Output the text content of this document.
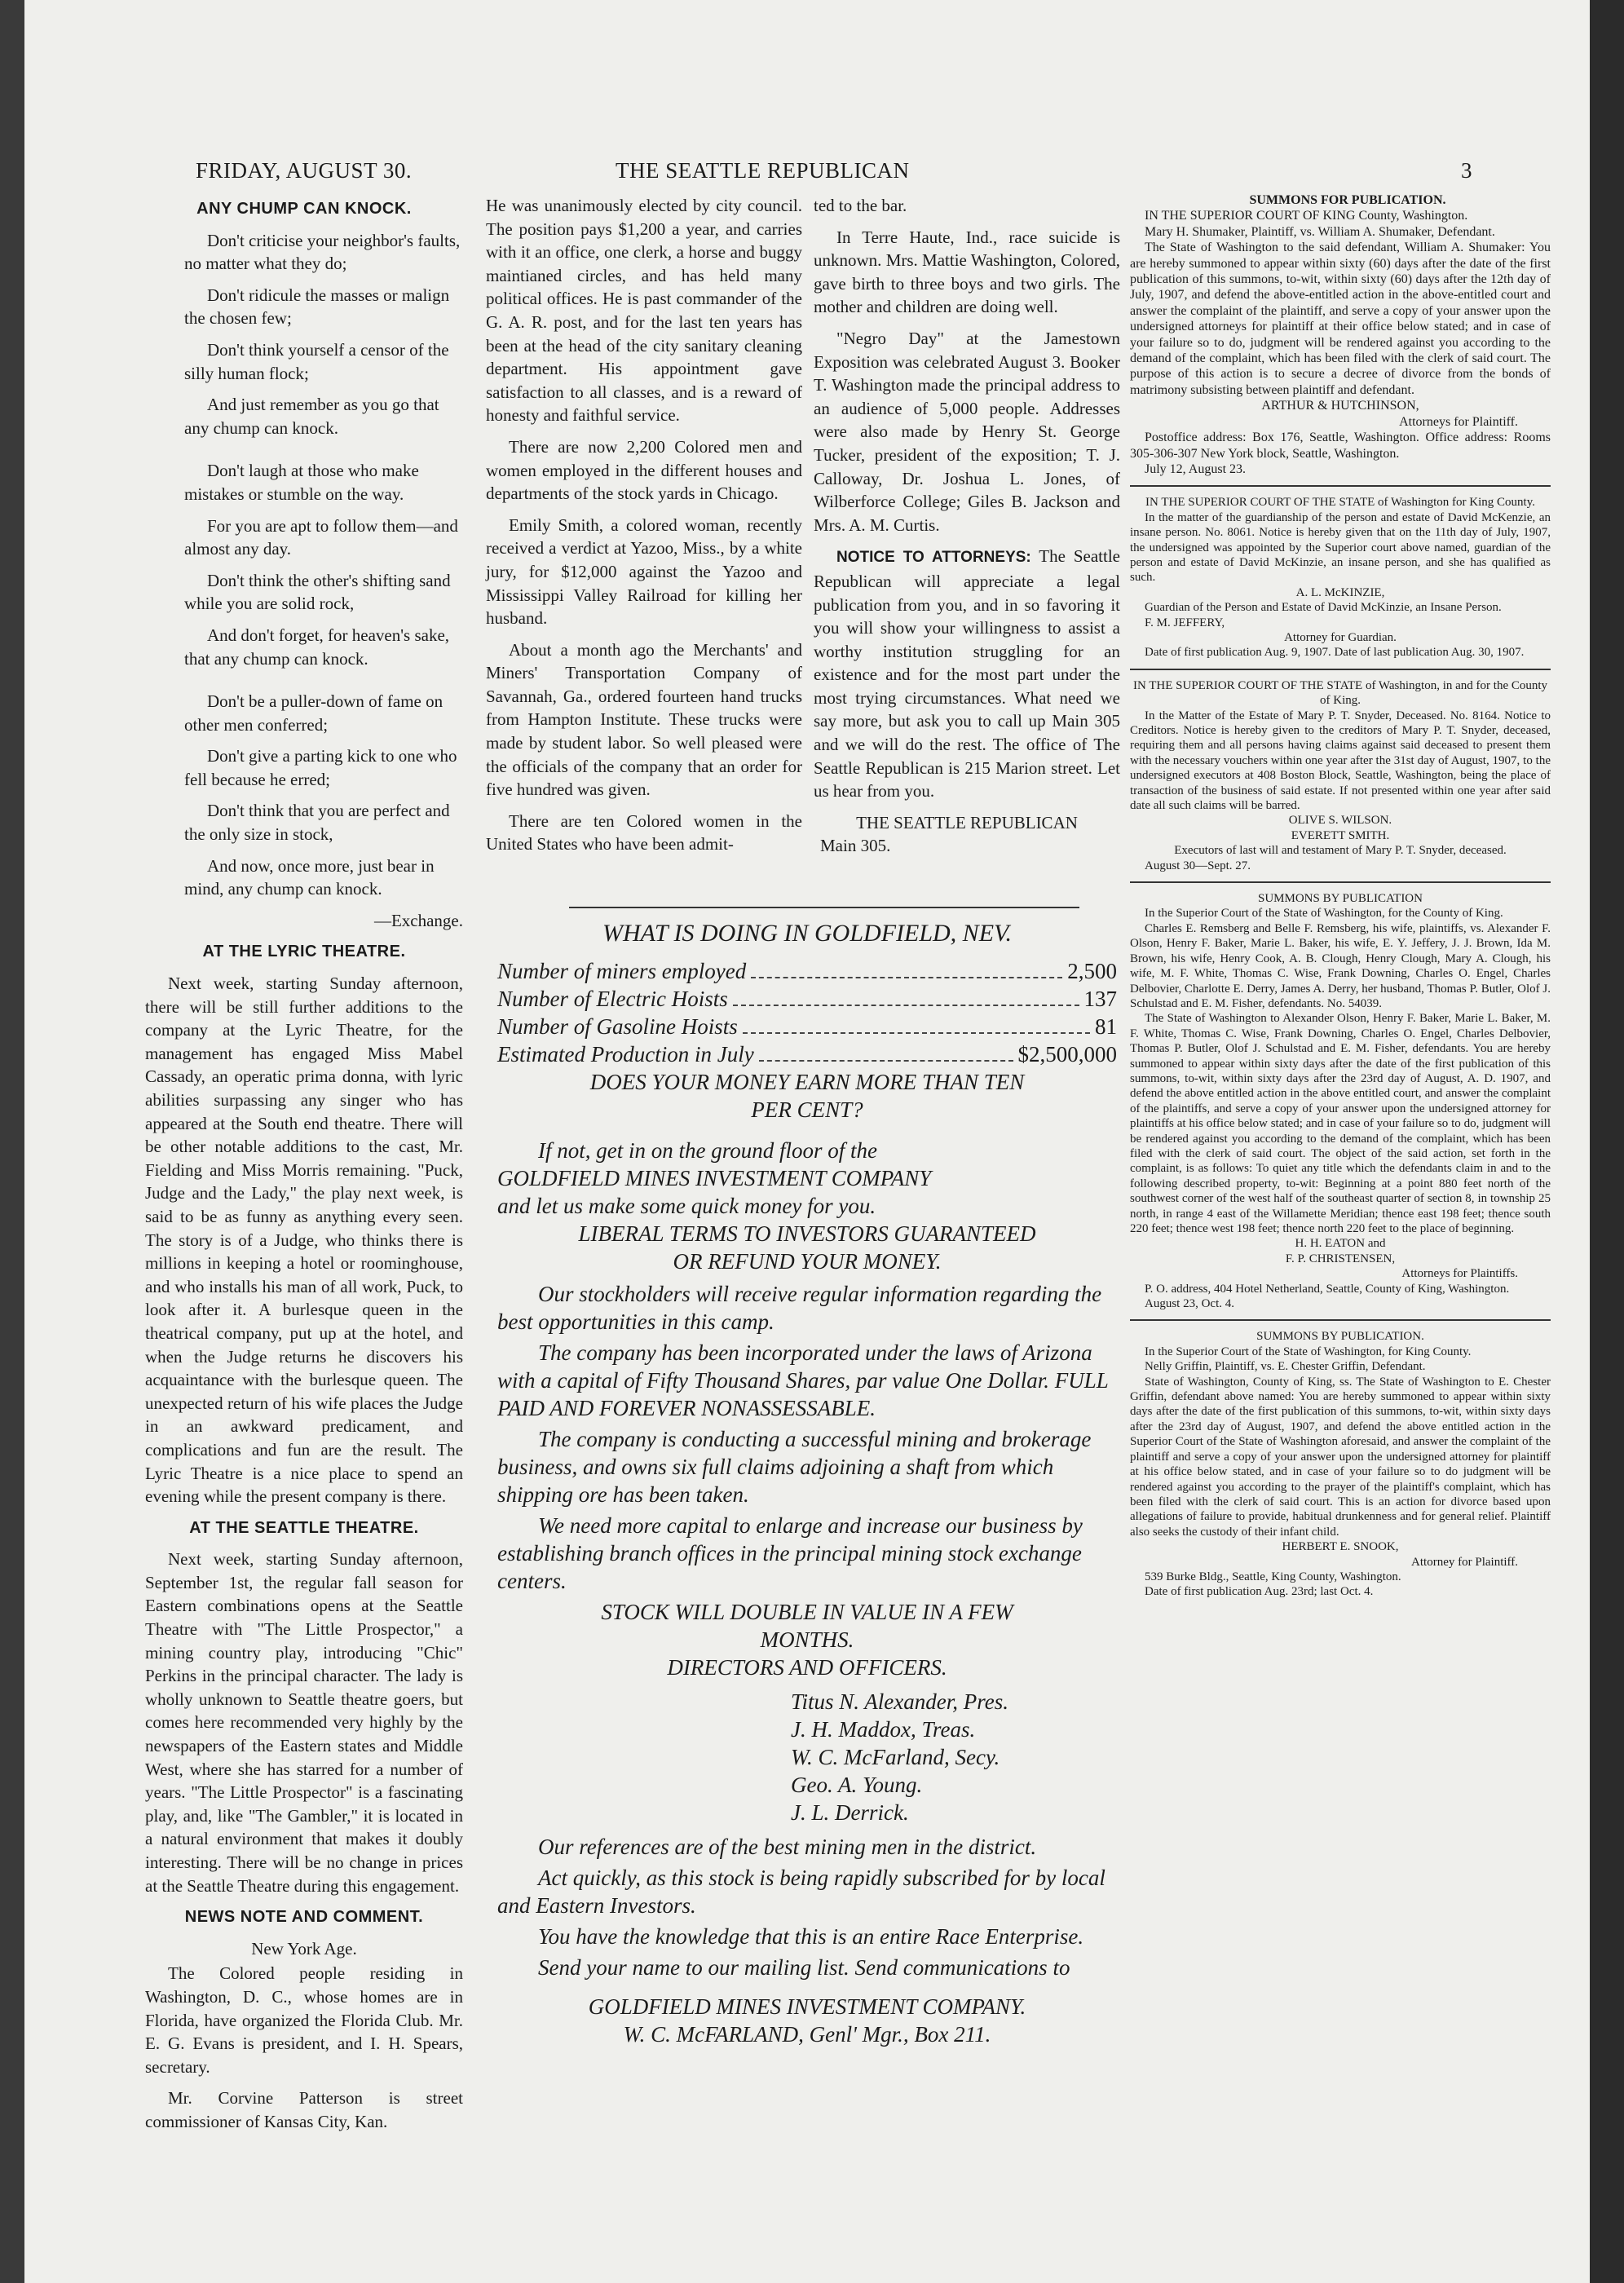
FRIDAY, AUGUST 30.	THE SEATTLE REPUBLICAN	3
ANY CHUMP CAN KNOCK.

Don't criticise your neighbor's faults, no matter what they do;

Don't ridicule the masses or malign the chosen few;

Don't think yourself a censor of the silly human flock;

And just remember as you go that any chump can knock.

Don't laugh at those who make mistakes or stumble on the way.

For you are apt to follow them—and almost any day.

Don't think the other's shifting sand while you are solid rock,

And don't forget, for heaven's sake, that any chump can knock.

Don't be a puller-down of fame on other men conferred;

Don't give a parting kick to one who fell because he erred;

Don't think that you are perfect and the only size in stock,

And now, once more, just bear in mind, any chump can knock.

—Exchange.

AT THE LYRIC THEATRE.

Next week, starting Sunday afternoon, there will be still further additions to the company at the Lyric Theatre, for the management has engaged Miss Mabel Cassady, an operatic prima donna, with lyric abilities surpassing any singer who has appeared at the South end theatre. There will be other notable additions to the cast, Mr. Fielding and Miss Morris remaining. "Puck, Judge and the Lady," the play next week, is said to be as funny as anything every seen. The story is of a Judge, who thinks there is millions in keeping a hotel or roominghouse, and who installs his man of all work, Puck, to look after it. A burlesque queen in the theatrical company, put up at the hotel, and when the Judge returns he discovers his acquaintance with the burlesque queen. The unexpected return of his wife places the Judge in an awkward predicament, and complications and fun are the result. The Lyric Theatre is a nice place to spend an evening while the present company is there.

AT THE SEATTLE THEATRE.

Next week, starting Sunday afternoon, September 1st, the regular fall season for Eastern combinations opens at the Seattle Theatre with "The Little Prospector," a mining country play, introducing "Chic" Perkins in the principal character. The lady is wholly unknown to Seattle theatre goers, but comes here recommended very highly by the newspapers of the Eastern states and Middle West, where she has starred for a number of years. "The Little Prospector" is a fascinating play, and, like "The Gambler," it is located in a natural environment that makes it doubly interesting. There will be no change in prices at the Seattle Theatre during this engagement.

NEWS NOTE AND COMMENT.

New York Age.

The Colored people residing in Washington, D. C., whose homes are in Florida, have organized the Florida Club. Mr. E. G. Evans is president, and I. H. Spears, secretary.

Mr. Corvine Patterson is street commissioner of Kansas City, Kan.

He was unanimously elected by city council. The position pays $1,200 a year, and carries with it an office, one clerk, a horse and buggy maintianed circles, and has held many political offices. He is past commander of the G. A. R. post, and for the last ten years has been at the head of the city sanitary cleaning department. His appointment gave satisfaction to all classes, and is a reward of honesty and faithful service.

There are now 2,200 Colored men and women employed in the different houses and departments of the stock yards in Chicago.

Emily Smith, a colored woman, recently received a verdict at Yazoo, Miss., by a white jury, for $12,000 against the Yazoo and Mississippi Valley Railroad for killing her husband.

About a month ago the Merchants' and Miners' Transportation Company of Savannah, Ga., ordered fourteen hand trucks from Hampton Institute. These trucks were made by student labor. So well pleased were the officials of the company that an order for five hundred was given.

There are ten Colored women in the United States who have been admit-

ted to the bar.

In Terre Haute, Ind., race suicide is unknown. Mrs. Mattie Washington, Colored, gave birth to three boys and two girls. The mother and children are doing well.

"Negro Day" at the Jamestown Exposition was celebrated August 3. Booker T. Washington made the principal address to an audience of 5,000 people. Addresses were also made by Henry St. George Tucker, president of the exposition; T. J. Calloway, Dr. Joshua L. Jones, of Wilberforce College; Giles B. Jackson and Mrs. A. M. Curtis.

NOTICE TO ATTORNEYS: The Seattle Republican will appreciate a legal publication from you, and in so favoring it you will show your willingness to assist a worthy institution struggling for an existence and for the most part under the most trying circumstances. What need we say more, but ask you to call up Main 305 and we will do the rest. The office of The Seattle Republican is 215 Marion street. Let us hear from you.

THE SEATTLE REPUBLICAN

Main 305.

WHAT IS DOING IN GOLDFIELD, NEV.

Number of miners employed	2,500
Number of Electric Hoists	137
Number of Gasoline Hoists	81
Estimated Production in July	$2,500,000

DOES YOUR MONEY EARN MORE THAN TEN

PER CENT?

If not, get in on the ground floor of the

GOLDFIELD MINES INVESTMENT COMPANY

and let us make some quick money for you.

LIBERAL TERMS TO INVESTORS GUARANTEED

OR REFUND YOUR MONEY.

Our stockholders will receive regular information regarding the best opportunities in this camp.

The company has been incorporated under the laws of Arizona with a capital of Fifty Thousand Shares, par value One Dollar. FULL PAID AND FOREVER NONASSESSABLE.

The company is conducting a successful mining and brokerage business, and owns six full claims adjoining a shaft from which shipping ore has been taken.

We need more capital to enlarge and increase our business by establishing branch offices in the principal mining stock exchange centers.

STOCK WILL DOUBLE IN VALUE IN A FEW

MONTHS.

DIRECTORS AND OFFICERS.

Titus N. Alexander, Pres.

J. H. Maddox, Treas.

W. C. McFarland, Secy.

Geo. A. Young.

J. L. Derrick.

Our references are of the best mining men in the district.

Act quickly, as this stock is being rapidly subscribed for by local and Eastern Investors.

You have the knowledge that this is an entire Race Enterprise.

Send your name to our mailing list. Send communications to

GOLDFIELD MINES INVESTMENT COMPANY.

W. C. McFARLAND, Genl' Mgr., Box 211.

SUMMONS FOR PUBLICATION.

IN THE SUPERIOR COURT OF KING County, Washington.

Mary H. Shumaker, Plaintiff, vs. William A. Shumaker, Defendant.

The State of Washington to the said defendant, William A. Shumaker: You are hereby summoned to appear within sixty (60) days after the date of the first publication of this summons, to-wit, within sixty (60) days after the 12th day of July, 1907, and defend the above-entitled action in the above-entitled court and answer the complaint of the plaintiff, and serve a copy of your answer upon the undersigned attorneys for plaintiff at their office below stated; and in case of your failure so to do, judgment will be rendered against you according to the demand of the complaint, which has been filed with the clerk of said court. The purpose of this action is to secure a decree of divorce from the bonds of matrimony subsisting between plaintiff and defendant.

ARTHUR & HUTCHINSON,

Attorneys for Plaintiff.

Postoffice address: Box 176, Seattle, Washington. Office address: Rooms 305-306-307 New York block, Seattle, Washington.

July 12, August 23.

IN THE SUPERIOR COURT OF THE STATE of Washington for King County.

In the matter of the guardianship of the person and estate of David McKenzie, an insane person. No. 8061. Notice is hereby given that on the 11th day of July, 1907, the undersigned was appointed by the Superior court above named, guardian of the person and estate of David McKinzie, an insane person, and she has qualified as such.

A. L. McKINZIE,

Guardian of the Person and Estate of David McKinzie, an Insane Person.

F. M. JEFFERY,

Attorney for Guardian.

Date of first publication Aug. 9, 1907. Date of last publication Aug. 30, 1907.

IN THE SUPERIOR COURT OF THE STATE of Washington, in and for the County of King.

In the Matter of the Estate of Mary P. T. Snyder, Deceased. No. 8164. Notice to Creditors. Notice is hereby given to the creditors of Mary P. T. Snyder, deceased, requiring them and all persons having claims against said deceased to present them with the necessary vouchers within one year after the 31st day of August, 1907, to the undersigned executors at 408 Boston Block, Seattle, Washington, being the place of transaction of the business of said estate. If not presented within one year after said date all such claims will be barred.

OLIVE S. WILSON.

EVERETT SMITH.

Executors of last will and testament of Mary P. T. Snyder, deceased.

August 30—Sept. 27.

SUMMONS BY PUBLICATION

In the Superior Court of the State of Washington, for the County of King.

Charles E. Remsberg and Belle F. Remsberg, his wife, plaintiffs, vs. Alexander F. Olson, Henry F. Baker, Marie L. Baker, his wife, E. Y. Jeffery, J. J. Brown, Ida M. Brown, his wife, Henry Cook, A. B. Clough, Henry Clough, Mary A. Clough, his wife, M. F. White, Thomas C. Wise, Frank Downing, Charles O. Engel, Charles Delbovier, Charlotte E. Derry, James A. Derry, her husband, Thomas P. Butler, Olof J. Schulstad and E. M. Fisher, defendants. No. 54039.

The State of Washington to Alexander Olson, Henry F. Baker, Marie L. Baker, M. F. White, Thomas C. Wise, Frank Downing, Charles O. Engel, Charles Delbovier, Thomas P. Butler, Olof J. Schulstad and E. M. Fisher, defendants. You are hereby summoned to appear within sixty days after the date of the first publication of this summons, to-wit, within sixty days after the 23rd day of August, A. D. 1907, and defend the above entitled action in the above entitled court, and answer the complaint of the plaintiffs, and serve a copy of your answer upon the undersigned attorney for plaintiffs at his office below stated; and in case of your failure so to do, judgment will be rendered against you according to the demand of the complaint, which has been filed with the clerk of said court. The object of the said action, set forth in the complaint, is as follows: To quiet any title which the defendants claim in and to the following described property, to-wit: Beginning at a point 880 feet north of the southwest corner of the west half of the southeast quarter of section 8, in township 25 north, in range 4 east of the Willamette Meridian; thence east 198 feet; thence south 220 feet; thence west 198 feet; thence north 220 feet to the place of beginning.

H. H. EATON and

F. P. CHRISTENSEN,

Attorneys for Plaintiffs.

P. O. address, 404 Hotel Netherland, Seattle, County of King, Washington.

August 23, Oct. 4.

SUMMONS BY PUBLICATION.

In the Superior Court of the State of Washington, for King County.

Nelly Griffin, Plaintiff, vs. E. Chester Griffin, Defendant.

State of Washington, County of King, ss. The State of Washington to E. Chester Griffin, defendant above named: You are hereby summoned to appear within sixty days after the date of the first publication of this summons, to-wit, within sixty days after the 23rd day of August, 1907, and defend the above entitled action in the Superior Court of the State of Washington aforesaid, and answer the complaint of the plaintiff and serve a copy of your answer upon the undersigned attorney for plaintiff at his office below stated, and in case of your failure so to do judgment will be rendered against you according to the prayer of the plaintiff's complaint, which has been filed with the clerk of said court. This is an action for divorce based upon allegations of failure to provide, habitual drunkenness and for general relief. Plaintiff also seeks the custody of their infant child.

HERBERT E. SNOOK,

Attorney for Plaintiff.

539 Burke Bldg., Seattle, King County, Washington.

Date of first publication Aug. 23rd; last Oct. 4.
